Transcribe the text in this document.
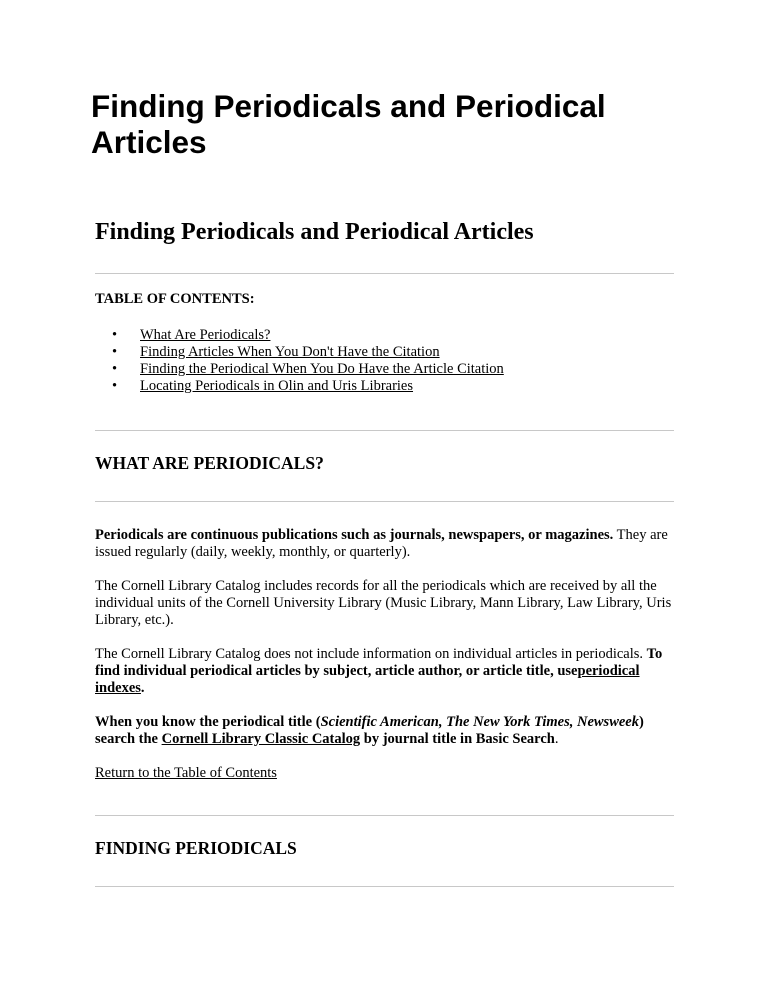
Finding Periodicals and Periodical Articles
Finding Periodicals and Periodical Articles

TABLE OF CONTENTS:

• What Are Periodicals?
• Finding Articles When You Don't Have the Citation
• Finding the Periodical When You Do Have the Article Citation
• Locating Periodicals in Olin and Uris Libraries
WHAT ARE PERIODICALS?

Periodicals are continuous publications such as journals, newspapers, or magazines. They are issued regularly (daily, weekly, monthly, or quarterly).

The Cornell Library Catalog includes records for all the periodicals which are received by all the individual units of the Cornell University Library (Music Library, Mann Library, Law Library, Uris Library, etc.).

The Cornell Library Catalog does not include information on individual articles in periodicals. To find individual periodical articles by subject, article author, or article title, useperiodical indexes.

When you know the periodical title (Scientific American, The New York Times, Newsweek) search the Cornell Library Classic Catalog by journal title in Basic Search.

Return to the Table of Contents

FINDING PERIODICALS
